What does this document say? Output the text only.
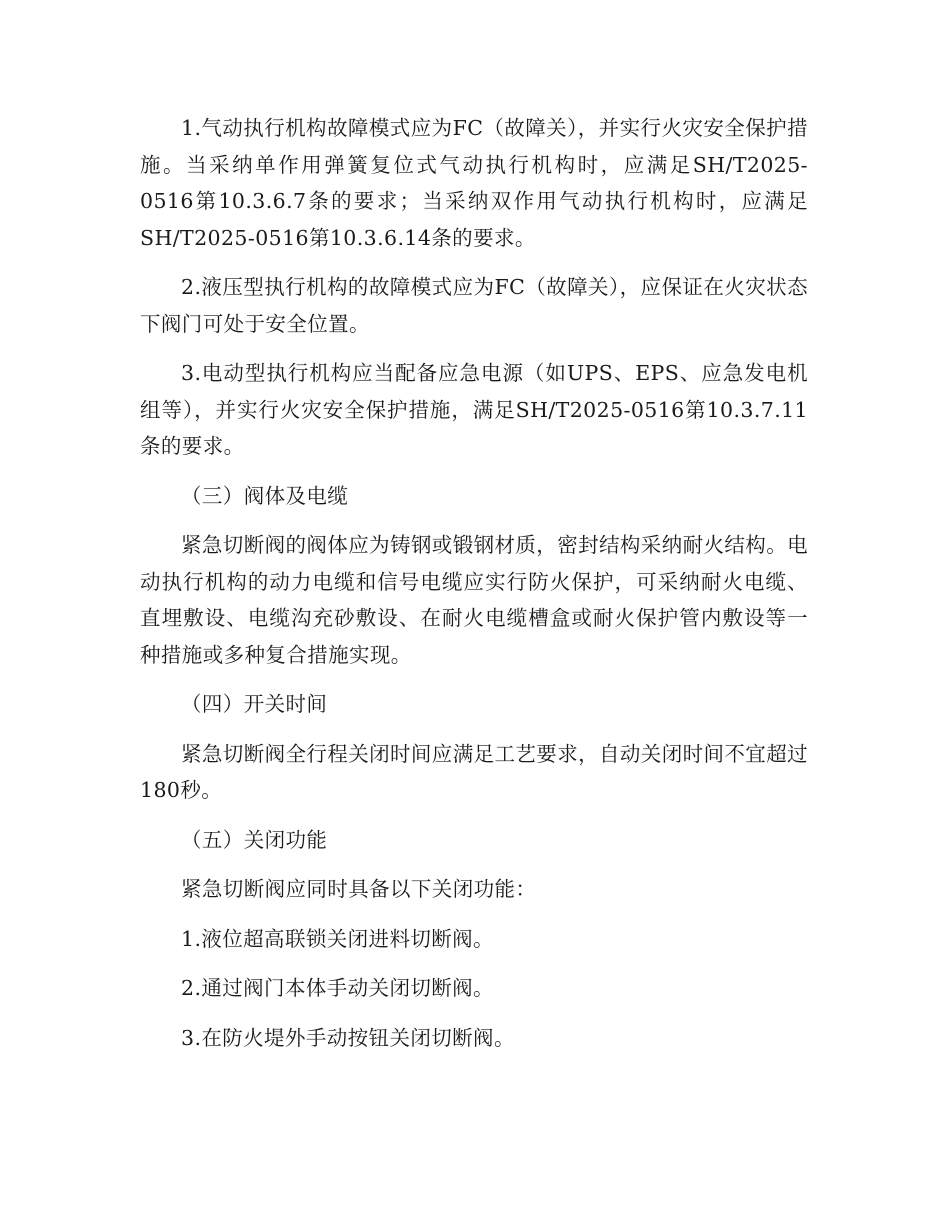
1.气动执行机构故障模式应为FC（故障关），并实行火灾安全保护措施。当采纳单作用弹簧复位式气动执行机构时，应满足SH/T2025-0516第10.3.6.7条的要求；当采纳双作用气动执行机构时，应满足SH/T2025-0516第10.3.6.14条的要求。

2.液压型执行机构的故障模式应为FC（故障关），应保证在火灾状态下阀门可处于安全位置。

3.电动型执行机构应当配备应急电源（如UPS、EPS、应急发电机组等），并实行火灾安全保护措施，满足SH/T2025-0516第10.3.7.11条的要求。

（三）阀体及电缆

紧急切断阀的阀体应为铸钢或锻钢材质，密封结构采纳耐火结构。电动执行机构的动力电缆和信号电缆应实行防火保护，可采纳耐火电缆、直埋敷设、电缆沟充砂敷设、在耐火电缆槽盒或耐火保护管内敷设等一种措施或多种复合措施实现。

（四）开关时间

紧急切断阀全行程关闭时间应满足工艺要求，自动关闭时间不宜超过180秒。

（五）关闭功能

紧急切断阀应同时具备以下关闭功能：

1.液位超高联锁关闭进料切断阀。

2.通过阀门本体手动关闭切断阀。

3.在防火堤外手动按钮关闭切断阀。
